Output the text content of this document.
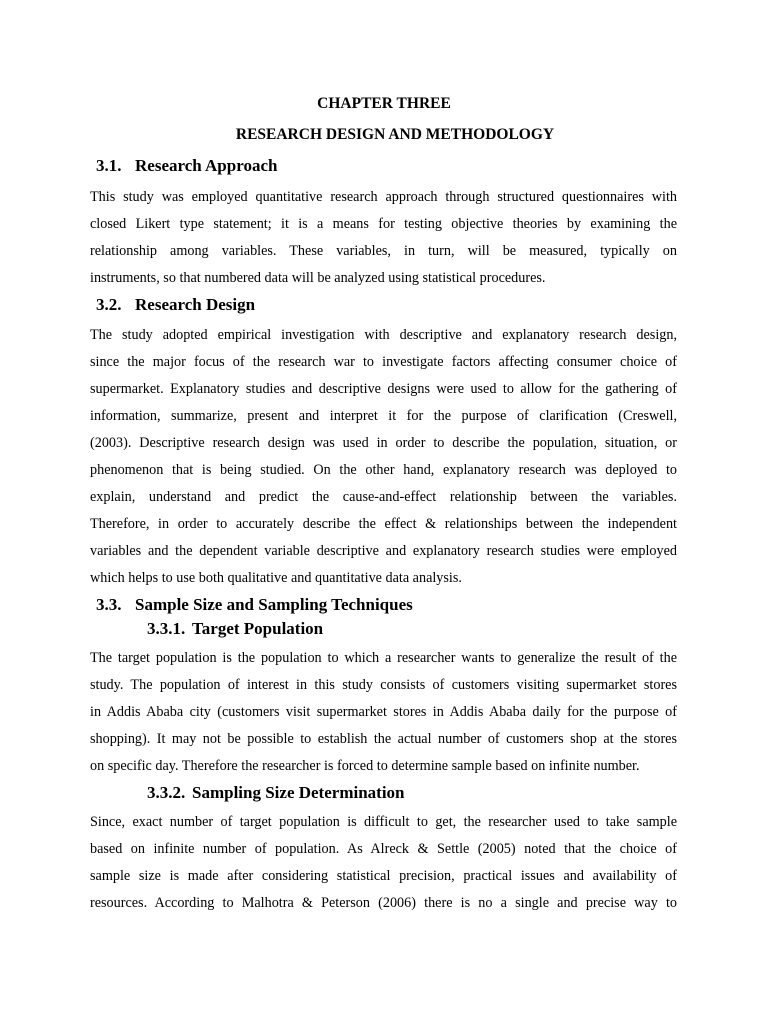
CHAPTER THREE
RESEARCH DESIGN AND METHODOLOGY
3.1. Research Approach
This study was employed quantitative research approach through structured questionnaires with
closed Likert type statement; it is a means for testing objective theories by examining the
relationship among variables. These variables, in turn, will be measured, typically on
instruments, so that numbered data will be analyzed using statistical procedures.
3.2. Research Design
The study adopted empirical investigation with descriptive and explanatory research design,
since the major focus of the research war to investigate factors affecting consumer choice of
supermarket. Explanatory studies and descriptive designs were used to allow for the gathering of
information, summarize, present and interpret it for the purpose of clarification (Creswell,
(2003). Descriptive research design was used in order to describe the population, situation, or
phenomenon that is being studied. On the other hand, explanatory research was deployed to
explain, understand and predict the cause-and-effect relationship between the variables.
Therefore, in order to accurately describe the effect & relationships between the independent
variables and the dependent variable descriptive and explanatory research studies were employed
which helps to use both qualitative and quantitative data analysis.
3.3. Sample Size and Sampling Techniques
3.3.1. Target Population
The target population is the population to which a researcher wants to generalize the result of the
study. The population of interest in this study consists of customers visiting supermarket stores
in Addis Ababa city (customers visit supermarket stores in Addis Ababa daily for the purpose of
shopping). It may not be possible to establish the actual number of customers shop at the stores
on specific day. Therefore the researcher is forced to determine sample based on infinite number.
3.3.2. Sampling Size Determination
Since, exact number of target population is difficult to get, the researcher used to take sample
based on infinite number of population. As Alreck & Settle (2005) noted that the choice of
sample size is made after considering statistical precision, practical issues and availability of
resources. According to Malhotra & Peterson (2006) there is no a single and precise way to
